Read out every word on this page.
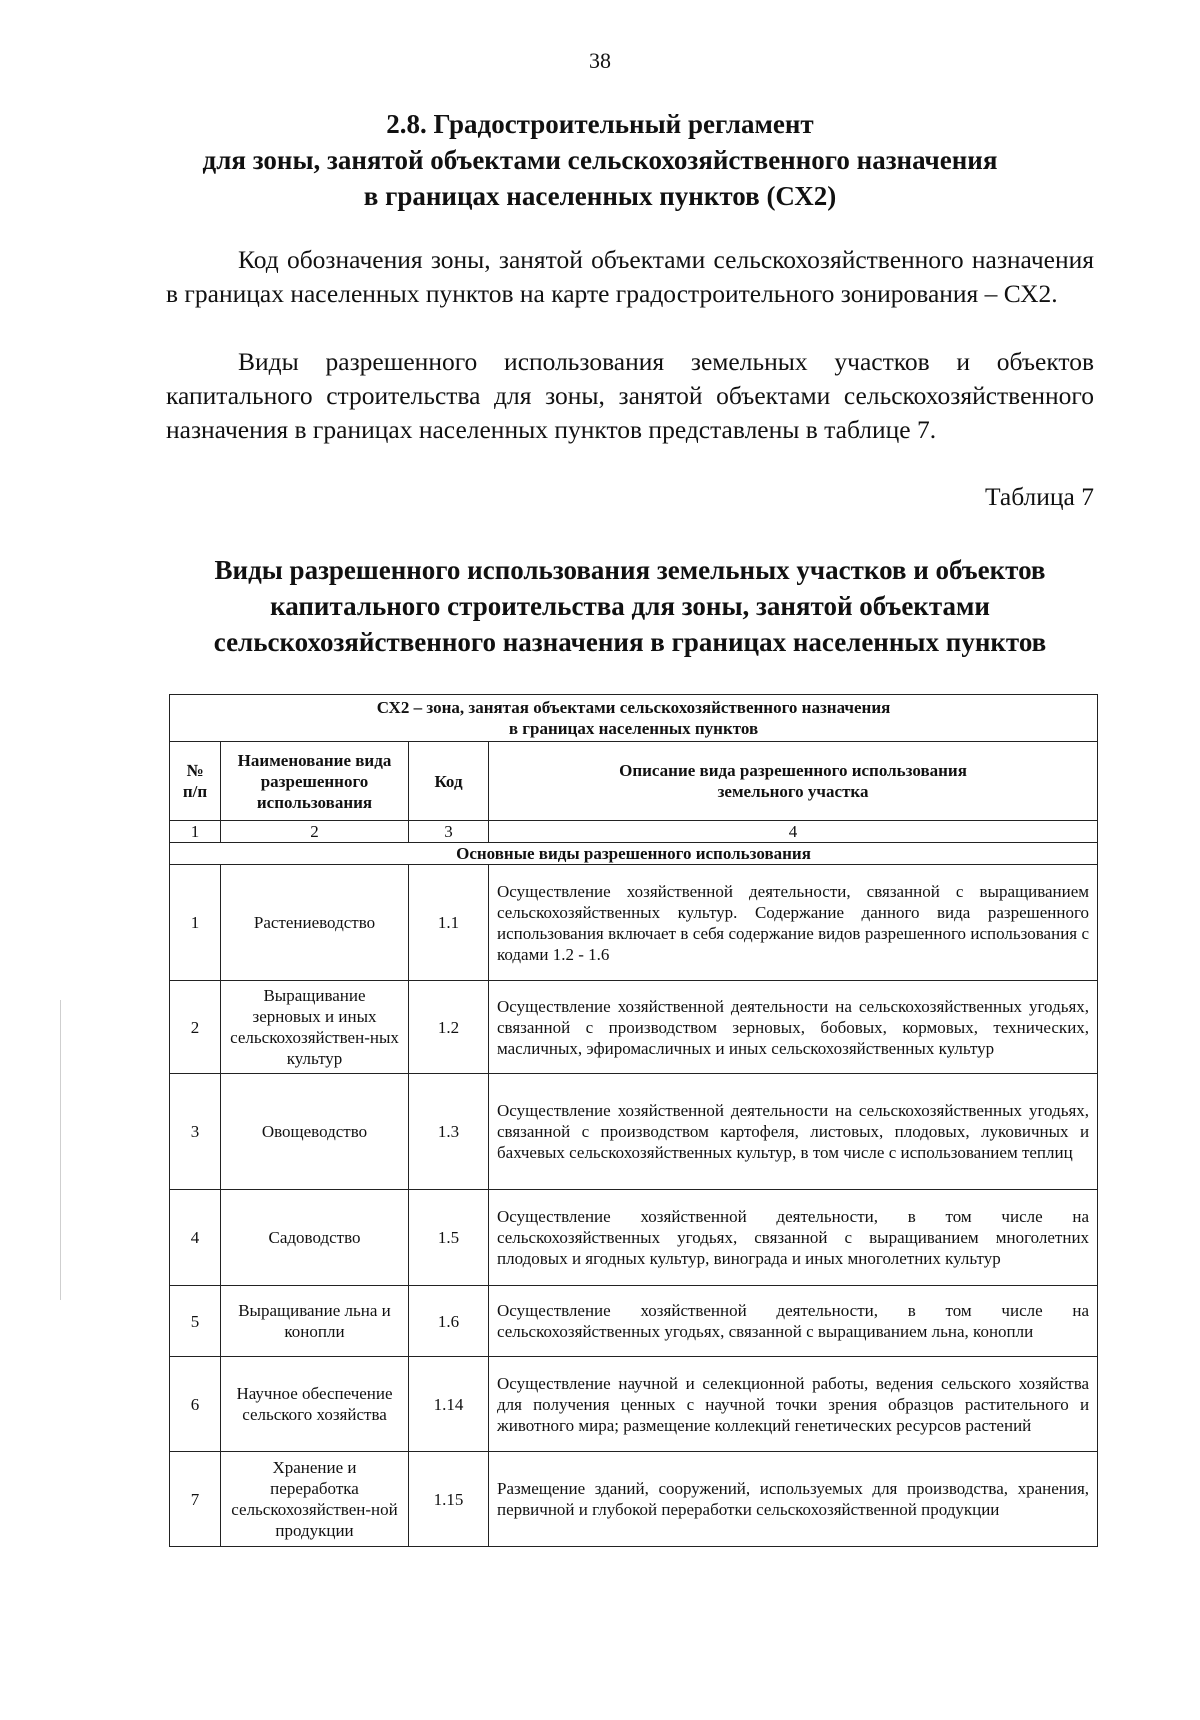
38
2.8. Градостроительный регламент
для зоны, занятой объектами сельскохозяйственного назначения
в границах населенных пунктов (СХ2)
Код обозначения зоны, занятой объектами сельскохозяйственного назначения в границах населенных пунктов на карте градостроительного зонирования – СХ2.
Виды разрешенного использования земельных участков и объектов капитального строительства для зоны, занятой объектами сельскохозяйственного назначения в границах населенных пунктов представлены в таблице 7.
Таблица 7
Виды разрешенного использования земельных участков и объектов
капитального строительства для зоны, занятой объектами
сельскохозяйственного назначения в границах населенных пунктов
СХ2 – зона, занятая объектами сельскохозяйственного назначения
в границах населенных пунктов			

№ п/п	Наименование вида разрешенного использования	Код	Описание вида разрешенного использования земельного участка
1	2	3	4
Основные виды разрешенного использования			
1	Растениеводство	1.1	Осуществление хозяйственной деятельности, связанной с выращиванием сельскохозяйственных культур. Содержание данного вида разрешенного использования включает в себя содержание видов разрешенного использования с кодами 1.2 - 1.6
2	Выращивание зерновых и иных сельскохозяйствен-ных культур	1.2	Осуществление хозяйственной деятельности на сельскохозяйственных угодьях, связанной с производством зерновых, бобовых, кормовых, технических, масличных, эфиромасличных и иных сельскохозяйственных культур
3	Овощеводство	1.3	Осуществление хозяйственной деятельности на сельскохозяйственных угодьях, связанной с производством картофеля, листовых, плодовых, луковичных и бахчевых сельскохозяйственных культур, в том числе с использованием теплиц
4	Садоводство	1.5	Осуществление хозяйственной деятельности, в том числе на сельскохозяйственных угодьях, связанной с выращиванием многолетних плодовых и ягодных культур, винограда и иных многолетних культур
5	Выращивание льна и конопли	1.6	Осуществление хозяйственной деятельности, в том числе на сельскохозяйственных угодьях, связанной с выращиванием льна, конопли
6	Научное обеспечение сельского хозяйства	1.14	Осуществление научной и селекционной работы, ведения сельского хозяйства для получения ценных с научной точки зрения образцов растительного и животного мира; размещение коллекций генетических ресурсов растений
7	Хранение и переработка сельскохозяйствен-ной продукции	1.15	Размещение зданий, сооружений, используемых для производства, хранения, первичной и глубокой переработки сельскохозяйственной продукции
